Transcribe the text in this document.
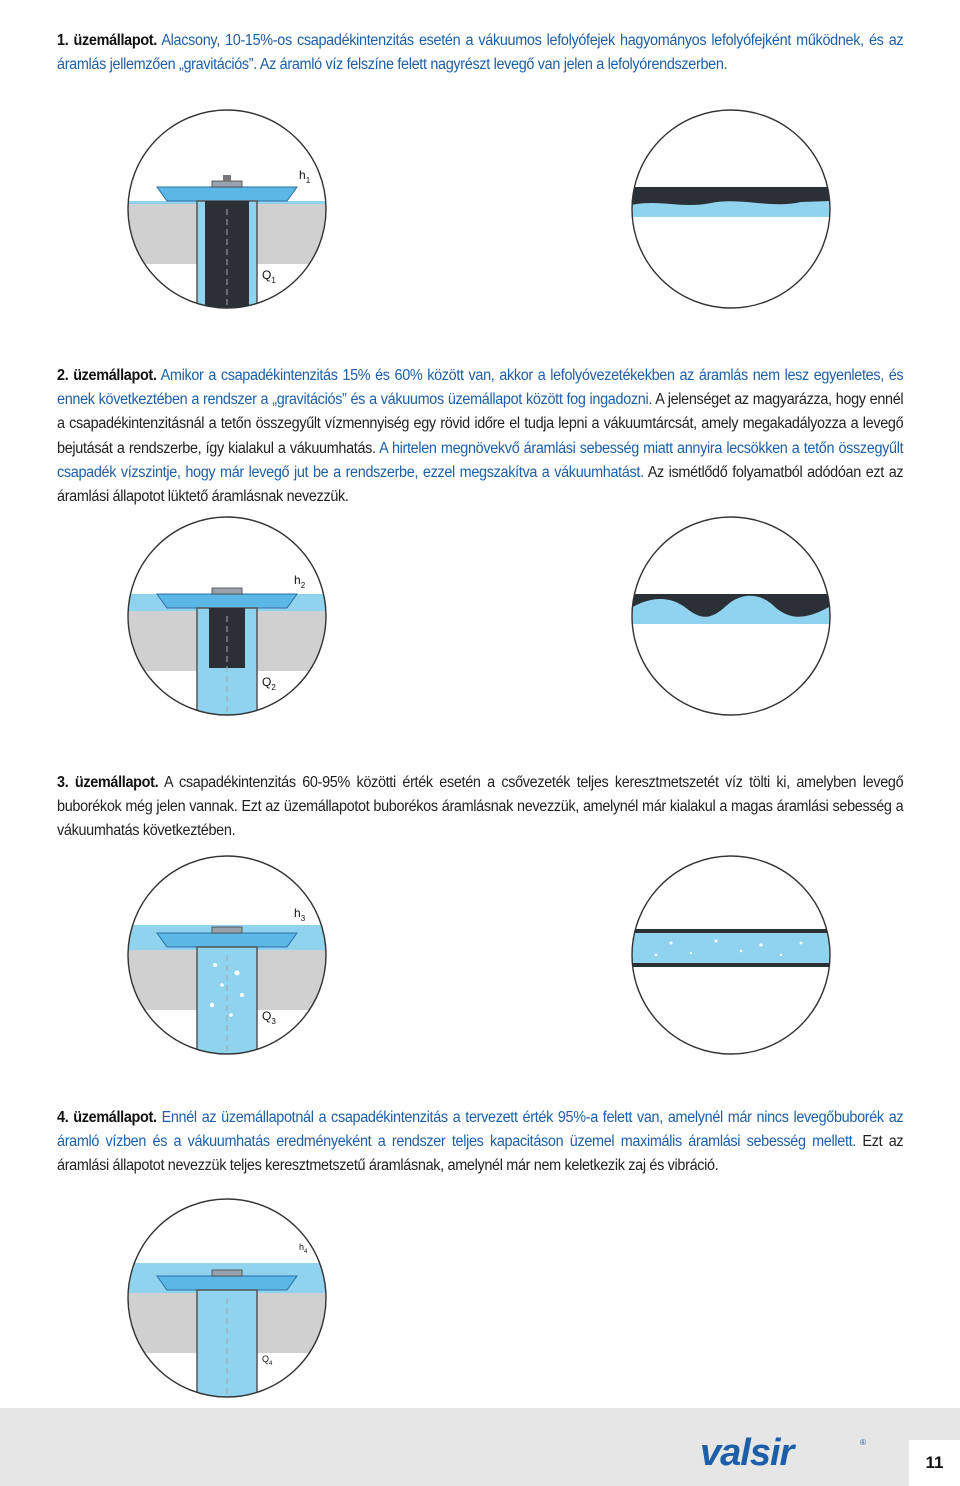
1. üzemállapot. Alacsony, 10-15%-os csapadékintenzitás esetén a vákuumos lefolyófejek hagyományos lefolyófejként működnek, és az áramlás jellemzően „gravitációs”. Az áramló víz felszíne felett nagyrészt levegő van jelen a lefolyórendszerben.
$h_1$
$Q_1$
2. üzemállapot. Amikor a csapadékintenzitás 15% és 60% között van, akkor a lefolyóvezetékekben az áramlás nem lesz egyenletes, és ennek következtében a rendszer a „gravitációs” és a vákuumos üzemállapot között fog ingadozni. A jelenséget az magyarázza, hogy ennél a csapadékintenzitásnál a tetőn összegyűlt vízmennyiség egy rövid időre el tudja lepni a vákuumtárcsát, amely megakadályozza a levegő bejutását a rendszerbe, így kialakul a vákuumhatás. A hirtelen megnövekvő áramlási sebesség miatt annyira lecsökken a tetőn összegyűlt csapadék vízszintje, hogy már levegő jut be a rendszerbe, ezzel megszakítva a vákuumhatást. Az ismétlődő folyamatból adódóan ezt az áramlási állapotot lüktető áramlásnak nevezzük.
$h_2$
$Q_2$
3. üzemállapot. A csapadékintenzitás 60-95% közötti érték esetén a csővezeték teljes keresztmetszetét víz tölti ki, amelyben levegő buborékok még jelen vannak. Ezt az üzemállapotot buborékos áramlásnak nevezzük, amelynél már kialakul a magas áramlási sebesség a vákuumhatás következtében.
$h_3$
$Q_3$
4. üzemállapot. Ennél az üzemállapotnál a csapadékintenzitás a tervezett érték 95%-a felett van, amelynél már nincs levegőbuborék az áramló vízben és a vákuumhatás eredményeként a rendszer teljes kapacitáson üzemel maximális áramlási sebesség mellett. Ezt az áramlási állapotot nevezzük teljes keresztmetszetű áramlásnak, amelynél már nem keletkezik zaj és vibráció.
$h_4$
$Q_4$
valsir	®
11
